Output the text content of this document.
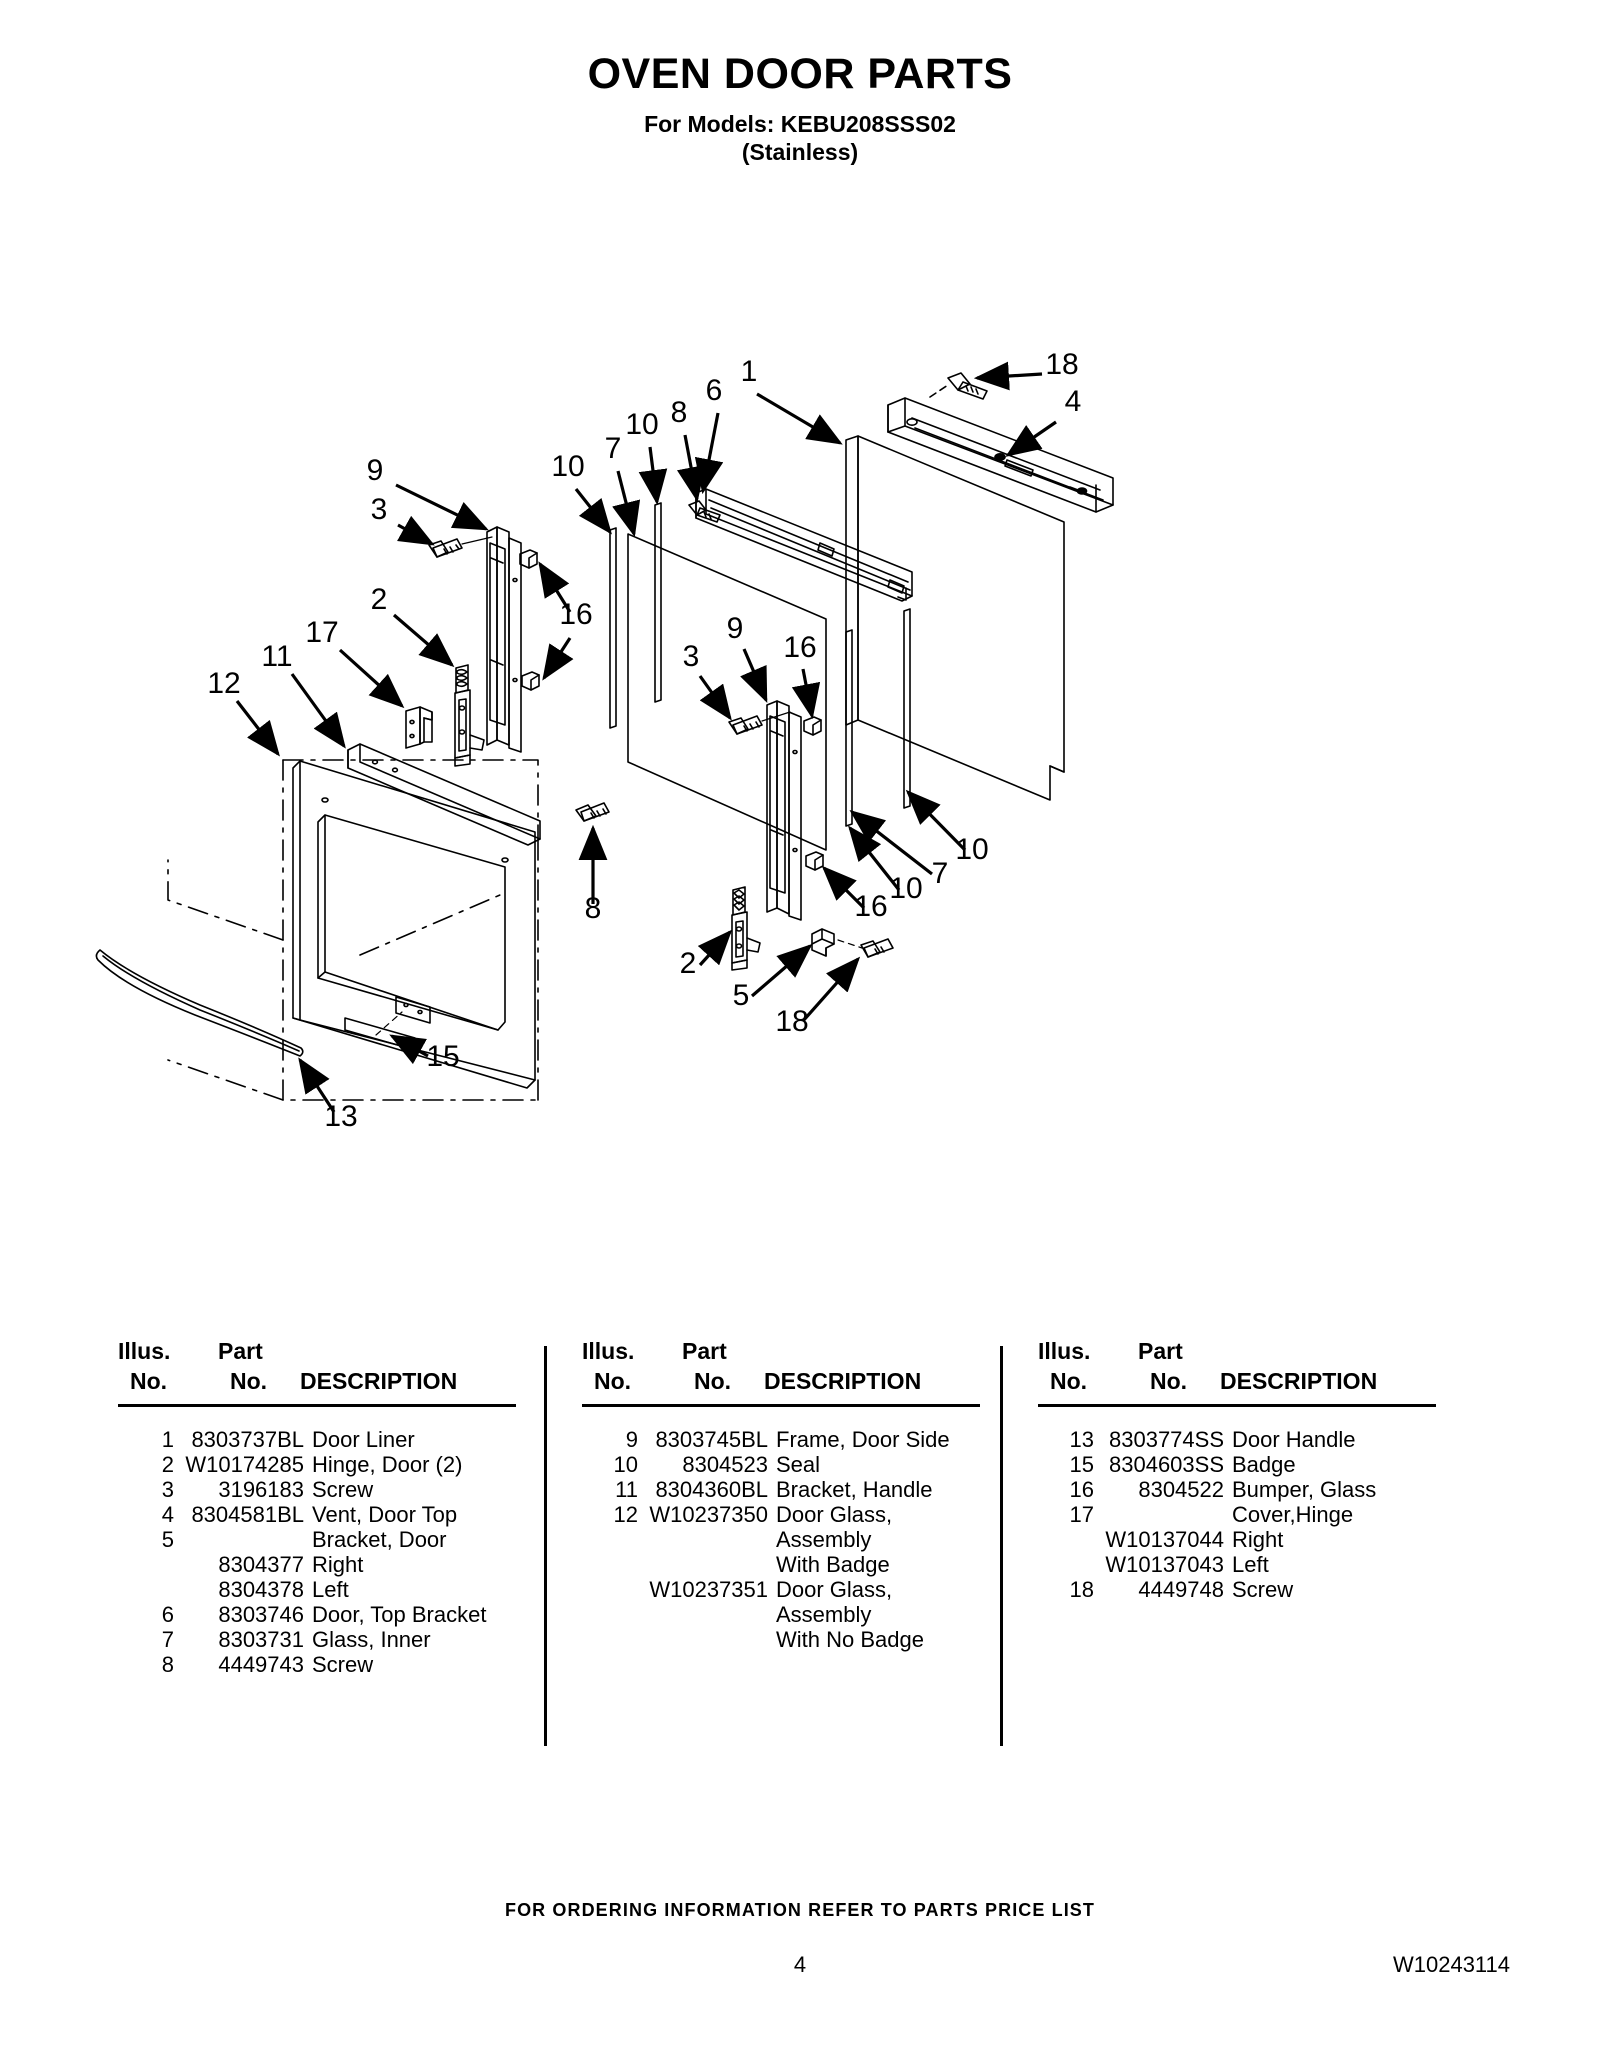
OVEN DOOR PARTS
For Models: KEBU208SSS02
(Stainless)
9
3
2
17
11
12
13
15
16
8
10
7
10 8
6
1	18
4
3
9
16
2
5
18
16
10 7
10
Illus. Part
No.	No. DESCRIPTION
1 8303737BL Door Liner
2 W10174285 Hinge, Door (2)
3	3196183 Screw
4 8304581BL Vent, Door Top
5	Bracket, Door
8304377 Right
8304378 Left
6	8303746 Door, Top Bracket
7	8303731 Glass, Inner
8	4449743 Screw
Illus. Part
No.	No. DESCRIPTION
9 8303745BL Frame, Door Side
10	8304523 Seal
11 8304360BL Bracket, Handle
12 W10237350 Door Glass,
Assembly
With Badge
W10237351 Door Glass,
Assembly
With No Badge
Illus. Part
No.	No. DESCRIPTION
13 8303774SS Door Handle
15 8304603SS Badge
16	8304522 Bumper, Glass
17	Cover,Hinge
W10137044 Right
W10137043 Left
18	4449748 Screw
FOR ORDERING INFORMATION REFER TO PARTS PRICE LIST
4	W10243114
